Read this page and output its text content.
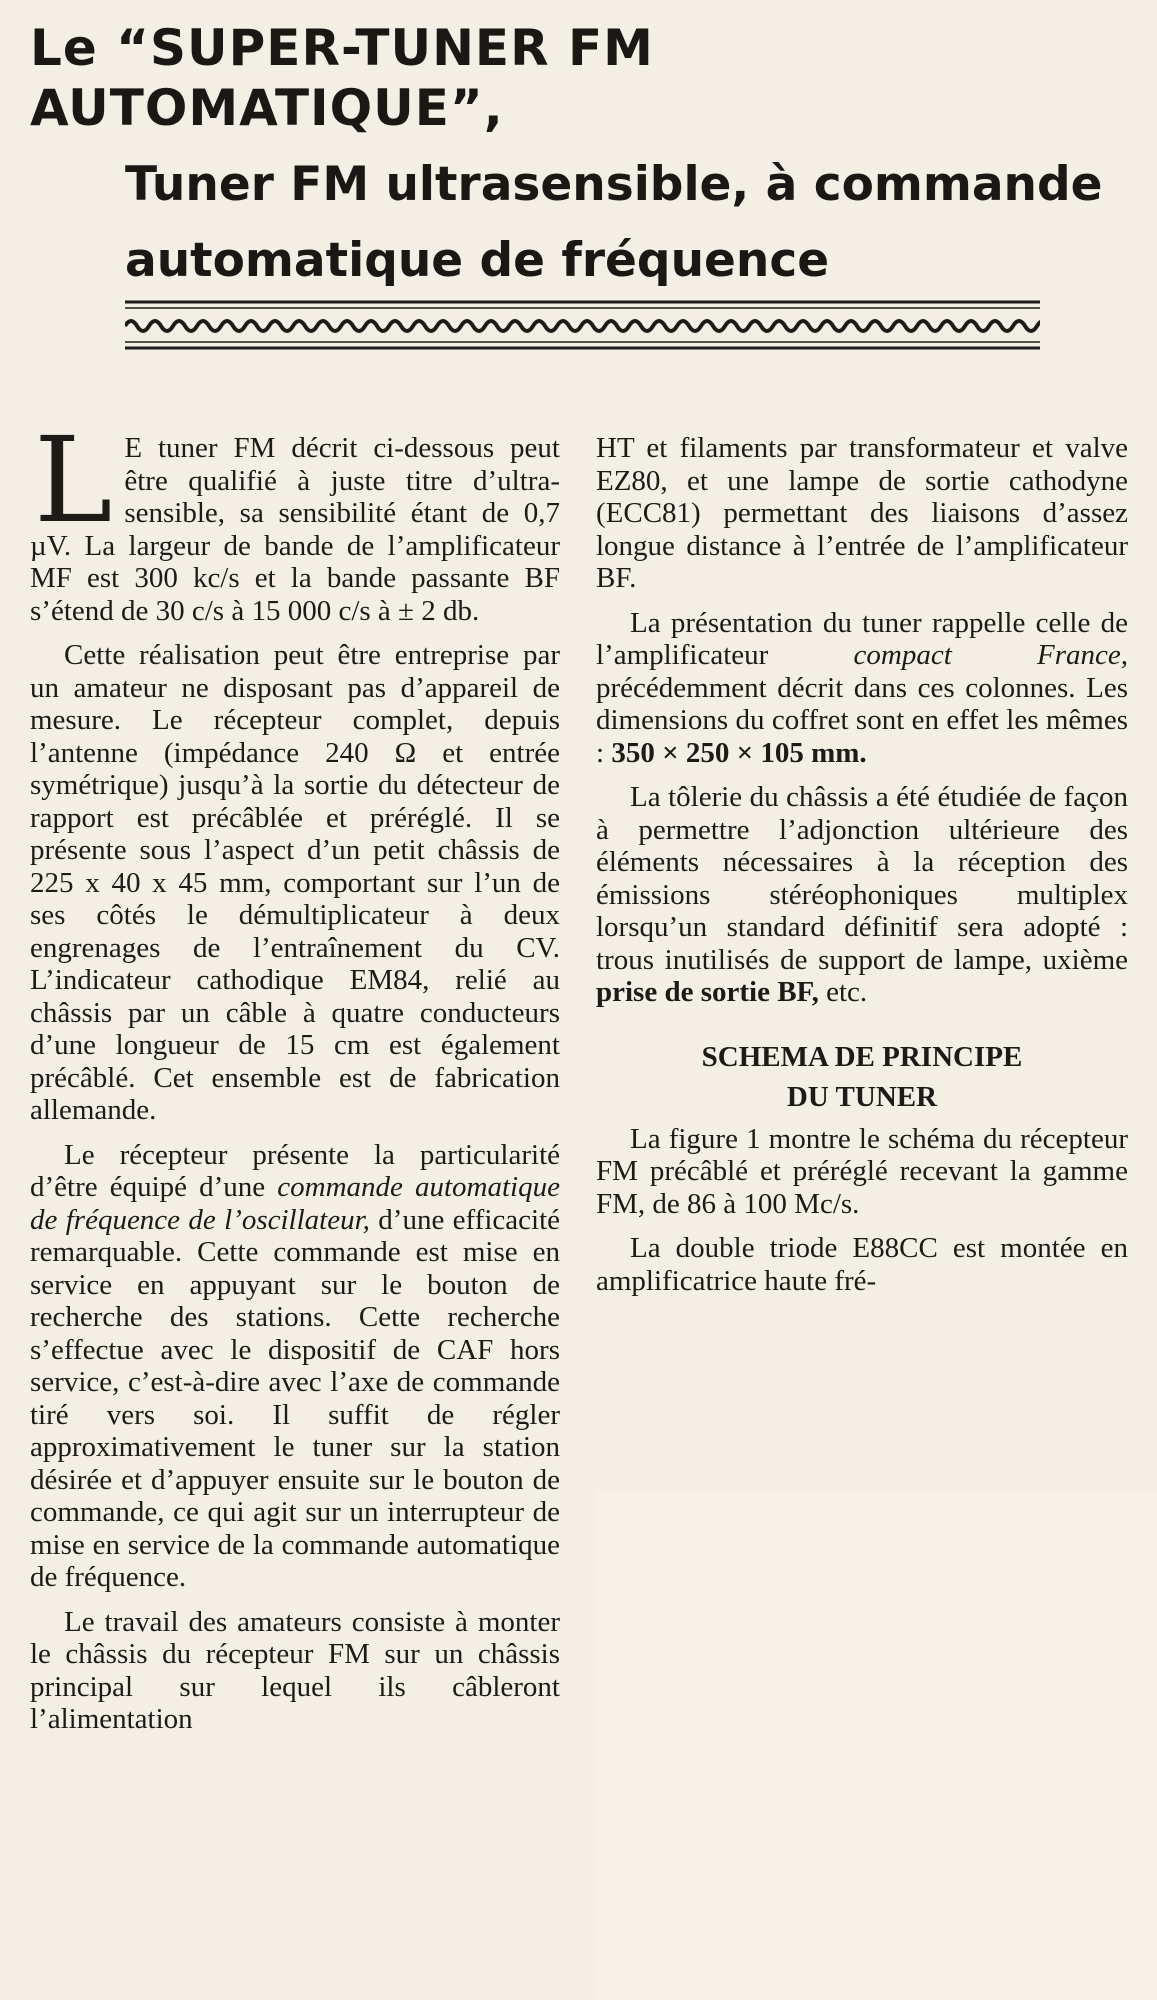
Le “SUPER-TUNER FM AUTOMATIQUE”,
Tuner FM ultrasensible, à commande
automatique de fréquence

L E tuner FM décrit ci-dessous peut être qualifié à juste titre d’ultra-sensible, sa sensibilité étant de 0,7 µV. La largeur de bande de l’amplificateur MF est 300 kc/s et la bande passante BF s’étend de 30 c/s à 15 000 c/s à ± 2 db.

Cette réalisation peut être entreprise par un amateur ne disposant pas d’appareil de mesure. Le récepteur complet, depuis l’antenne (impédance 240 Ω et entrée symétrique) jusqu’à la sortie du détecteur de rapport est précâblée et préréglé. Il se présente sous l’aspect d’un petit châssis de 225 x 40 x 45 mm, comportant sur l’un de ses côtés le démultiplicateur à deux engrenages de l’entraînement du CV. L’indicateur cathodique EM84, relié au châssis par un câble à quatre conducteurs d’une longueur de 15 cm est également précâblé. Cet ensemble est de fabrication allemande.

Le récepteur présente la particularité d’être équipé d’une commande automatique de fréquence de l’oscillateur, d’une efficacité remarquable. Cette commande est mise en service en appuyant sur le bouton de recherche des stations. Cette recherche s’effectue avec le dispositif de CAF hors service, c’est-à-dire avec l’axe de commande tiré vers soi. Il suffit de régler approximativement le tuner sur la station désirée et d’appuyer ensuite sur le bouton de commande, ce qui agit sur un interrupteur de mise en service de la commande automatique de fréquence.

Le travail des amateurs consiste à monter le châssis du récepteur FM sur un châssis principal sur lequel ils câbleront l’alimentation

HT et filaments par transformateur et valve EZ80, et une lampe de sortie cathodyne (ECC81) permettant des liaisons d’assez longue distance à l’entrée de l’amplificateur BF.

La présentation du tuner rappelle celle de l’amplificateur compact France, précédemment décrit dans ces colonnes. Les dimensions du coffret sont en effet les mêmes : 350 × 250 × 105 mm.

La tôlerie du châssis a été étudiée de façon à permettre l’adjonction ultérieure des éléments nécessaires à la réception des émissions stéréophoniques multiplex lorsqu’un standard définitif sera adopté : trous inutilisés de support de lampe, uxième prise de sortie BF, etc.

SCHEMA DE PRINCIPE
DU TUNER

La figure 1 montre le schéma du récepteur FM précâblé et préréglé recevant la gamme FM, de 86 à 100 Mc/s.

La double triode E88CC est montée en amplificatrice haute fré-
